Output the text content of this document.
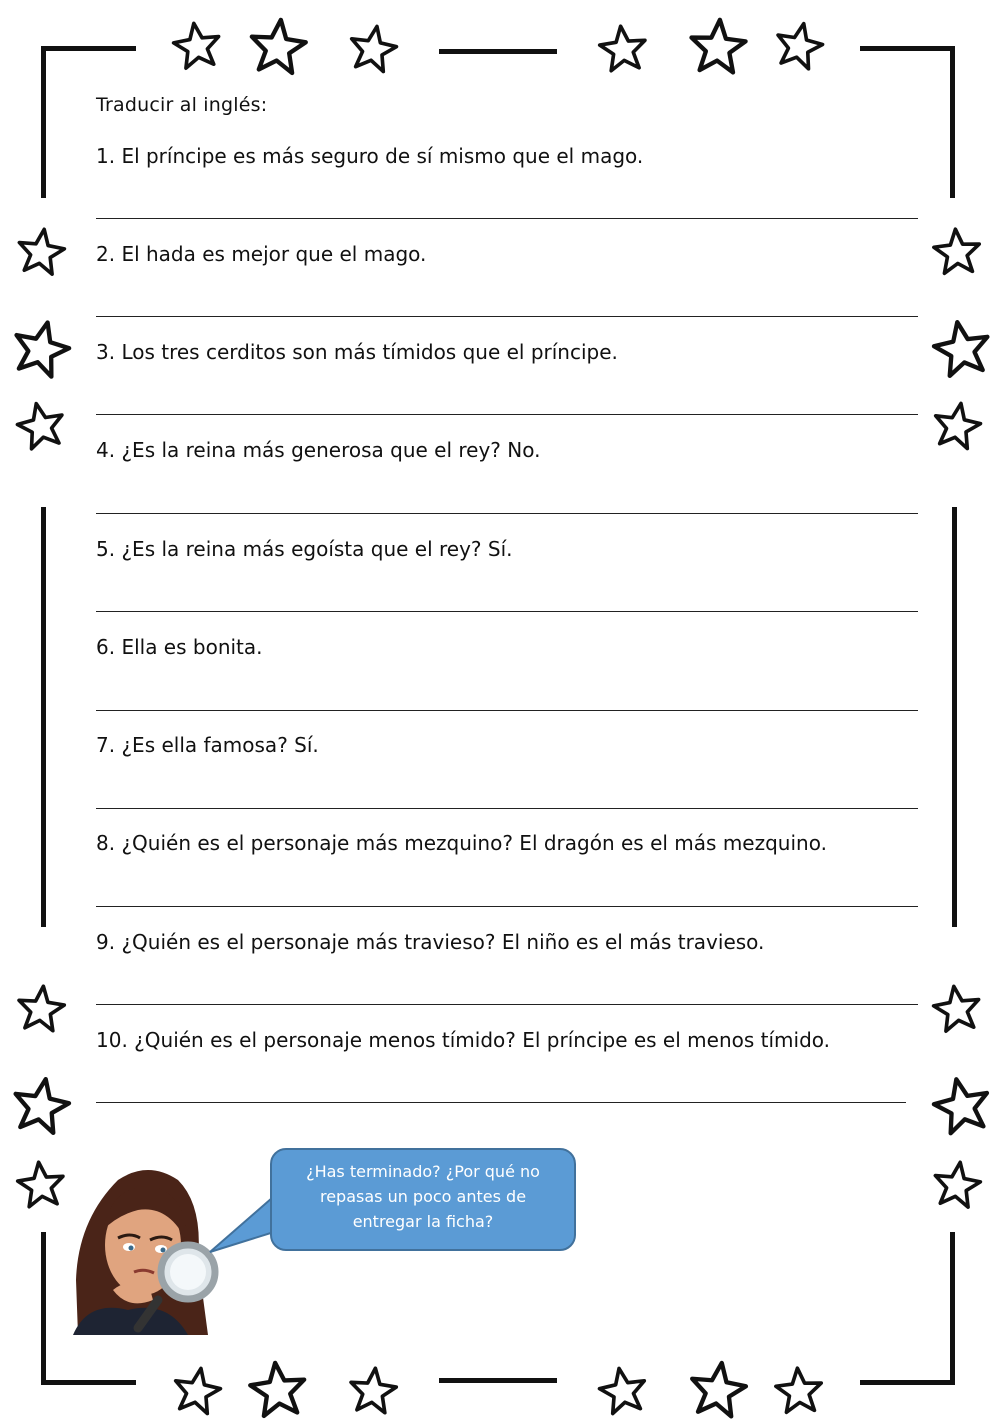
Traducir al inglés:
1. El príncipe es más seguro de sí mismo que el mago.
2. El hada es mejor que el mago.
3. Los tres cerditos son más tímidos que el príncipe.
4. ¿Es la reina más generosa que el rey? No.
5. ¿Es la reina más egoísta que el rey? Sí.
6. Ella es bonita.
7. ¿Es ella famosa? Sí.
8. ¿Quién es el personaje más mezquino? El dragón es el más mezquino.
9. ¿Quién es el personaje más travieso? El niño es el más travieso.
10. ¿Quién es el personaje menos tímido? El príncipe es el menos tímido.
¿Has terminado? ¿Por qué no repasas un poco antes de entregar la ficha?
